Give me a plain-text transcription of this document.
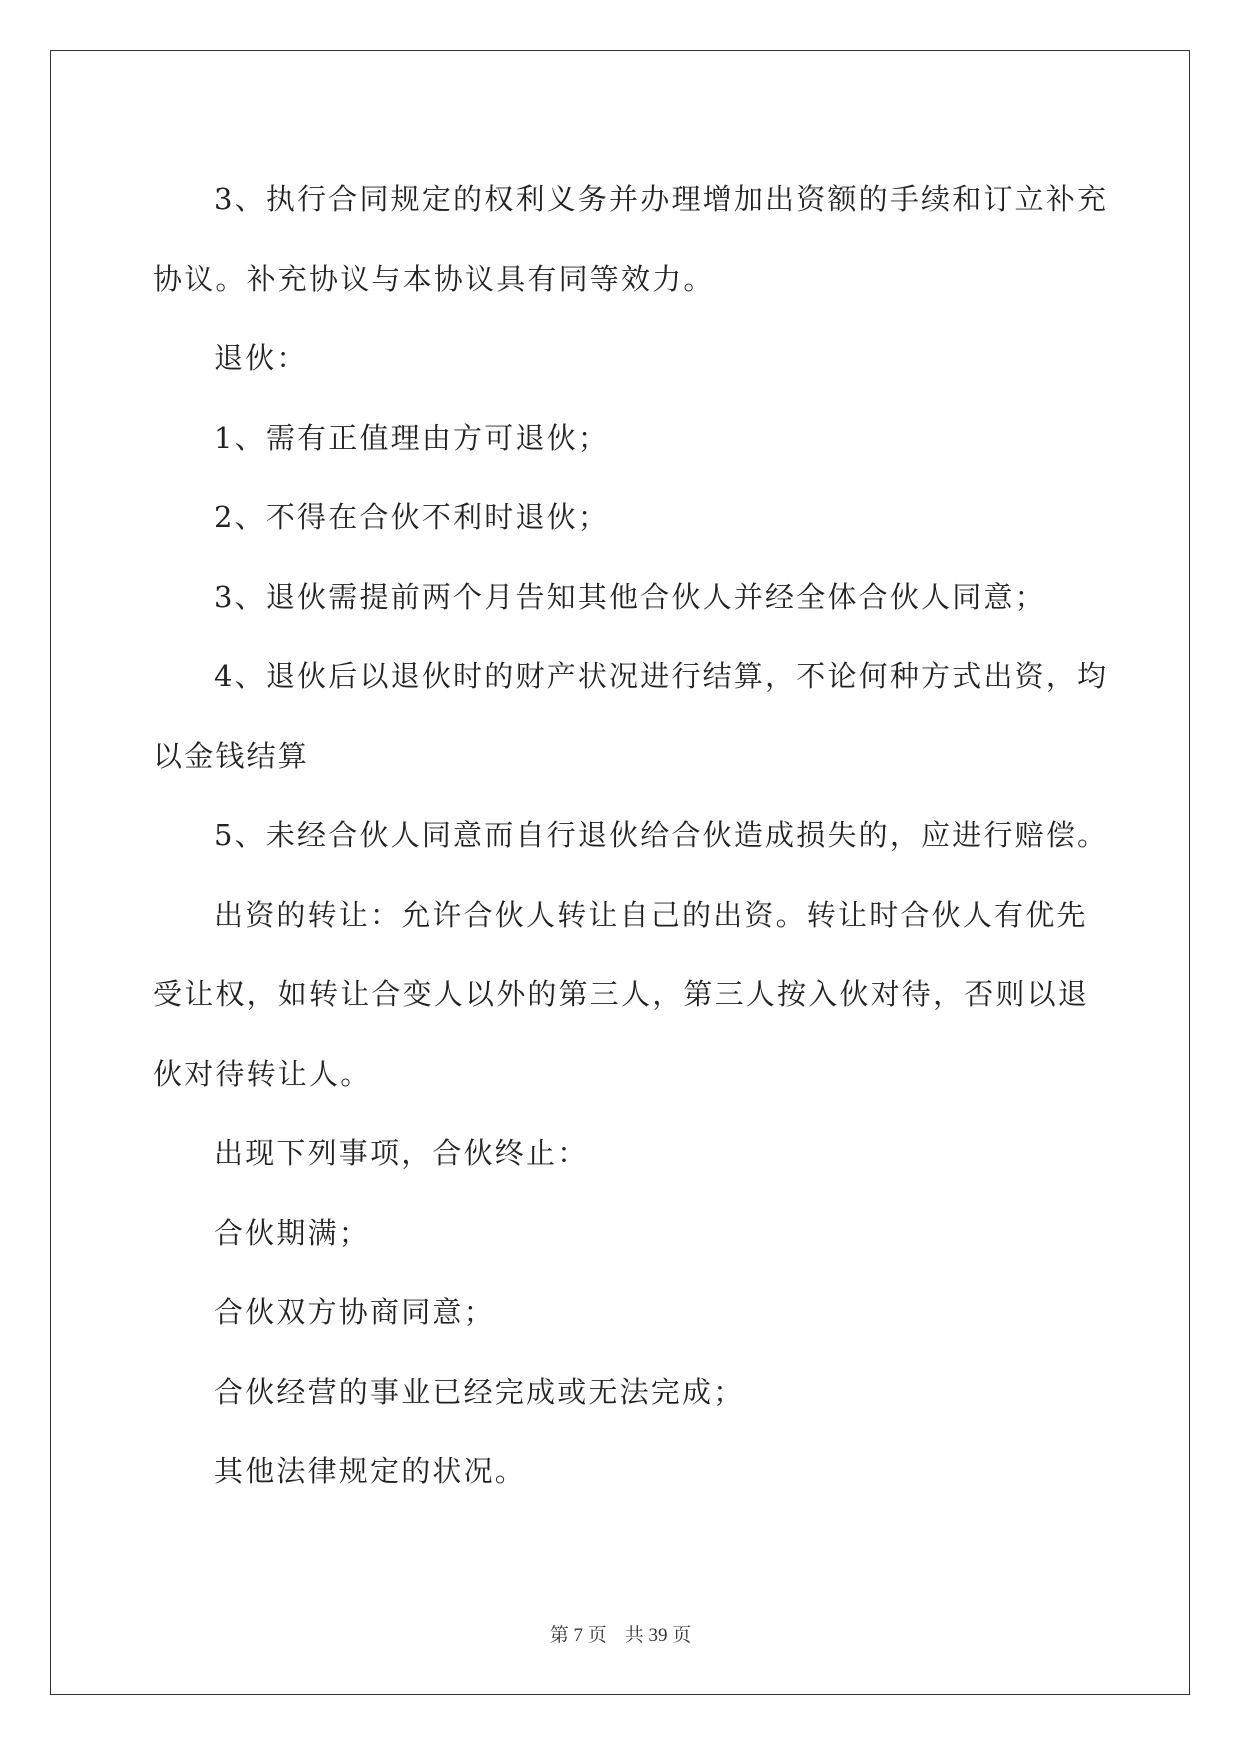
3、执行合同规定的权利义务并办理增加出资额的手续和订立补充
协议。补充协议与本协议具有同等效力。
退伙：
1、需有正值理由方可退伙；
2、不得在合伙不利时退伙；
3、退伙需提前两个月告知其他合伙人并经全体合伙人同意；
4、退伙后以退伙时的财产状况进行结算，不论何种方式出资，均
以金钱结算
5、未经合伙人同意而自行退伙给合伙造成损失的，应进行赔偿。
出资的转让：允许合伙人转让自己的出资。转让时合伙人有优先
受让权，如转让合变人以外的第三人，第三人按入伙对待，否则以退
伙对待转让人。
出现下列事项，合伙终止：
合伙期满；
合伙双方协商同意；
合伙经营的事业已经完成或无法完成；
其他法律规定的状况。
第 7 页 共 39 页
